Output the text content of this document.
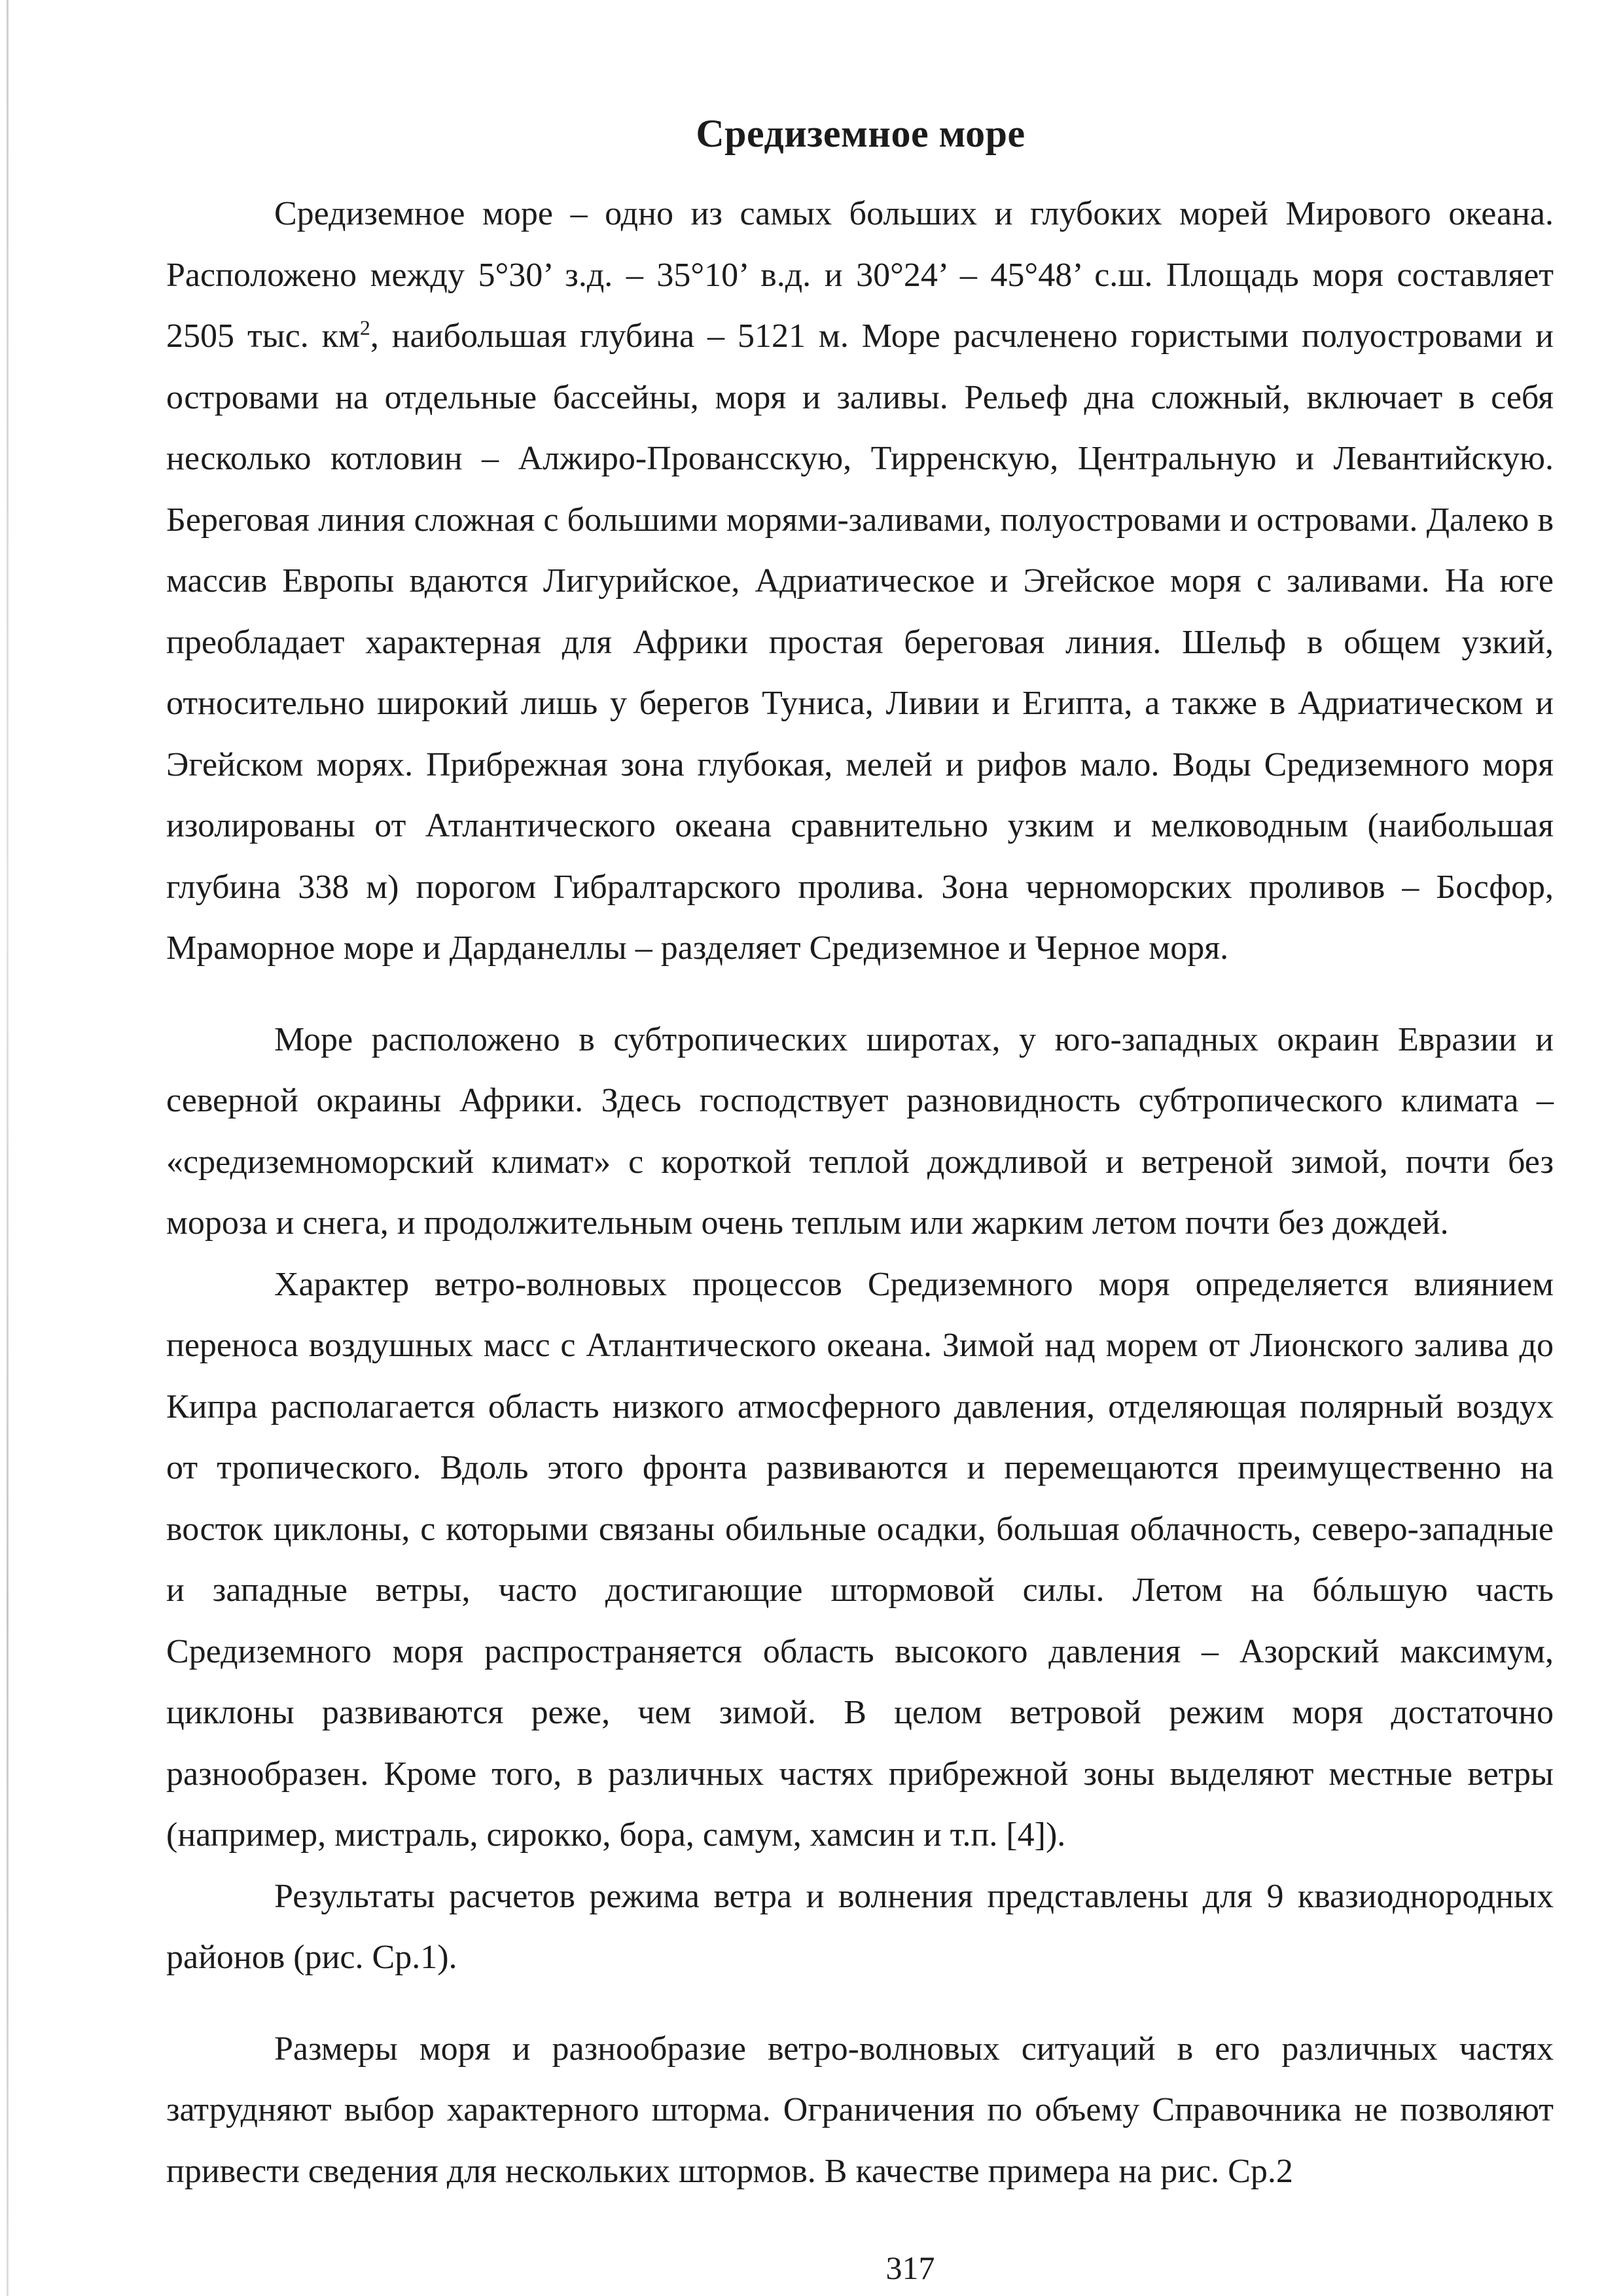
Средиземное море

Средиземное море – одно из самых больших и глубоких морей Мирового океана. Расположено между 5°30’ з.д. – 35°10’ в.д. и 30°24’ – 45°48’ с.ш. Площадь моря составляет 2505 тыс. $км^2$, наибольшая глубина – 5121 м. Море расчленено гористыми полуостровами и островами на отдельные бассейны, моря и заливы. Рельеф дна сложный, включает в себя несколько котловин – Алжиро-Провансскую, Тирренскую, Центральную и Левантийскую. Береговая линия сложная с большими морями-заливами, полуостровами и островами. Далеко в массив Европы вдаются Лигурийское, Адриатическое и Эгейское моря с заливами. На юге преобладает характерная для Африки простая береговая линия. Шельф в общем узкий, относительно широкий лишь у берегов Туниса, Ливии и Египта, а также в Адриатическом и Эгейском морях. Прибрежная зона глубокая, мелей и рифов мало. Воды Средиземного моря изолированы от Атлантического океана сравнительно узким и мелководным (наибольшая глубина 338 м) порогом Гибралтарского пролива. Зона черноморских проливов – Босфор, Мраморное море и Дарданеллы – разделяет Средиземное и Черное моря.

Море расположено в субтропических широтах, у юго-западных окраин Евразии и северной окраины Африки. Здесь господствует разновидность субтропического климата – «средиземноморский климат» с короткой теплой дождливой и ветреной зимой, почти без мороза и снега, и продолжительным очень теплым или жарким летом почти без дождей.

Характер ветро-волновых процессов Средиземного моря определяется влиянием переноса воздушных масс с Атлантического океана. Зимой над морем от Лионского залива до Кипра располагается область низкого атмосферного давления, отделяющая полярный воздух от тропического. Вдоль этого фронта развиваются и перемещаются преимущественно на восток циклоны, с которыми связаны обильные осадки, большая облачность, северо-западные и западные ветры, часто достигающие штормовой силы. Летом на бóльшую часть Средиземного моря распространяется область высокого давления – Азорский максимум, циклоны развиваются реже, чем зимой. В целом ветровой режим моря достаточно разнообразен. Кроме того, в различных частях прибрежной зоны выделяют местные ветры (например, мистраль, сирокко, бора, самум, хамсин и т.п. [4]).

Результаты расчетов режима ветра и волнения представлены для 9 квазиоднородных районов (рис. Ср.1).

Размеры моря и разнообразие ветро-волновых ситуаций в его различных частях затрудняют выбор характерного шторма. Ограничения по объему Справочника не позволяют привести сведения для нескольких штормов. В качестве примера на рис. Ср.2

317
